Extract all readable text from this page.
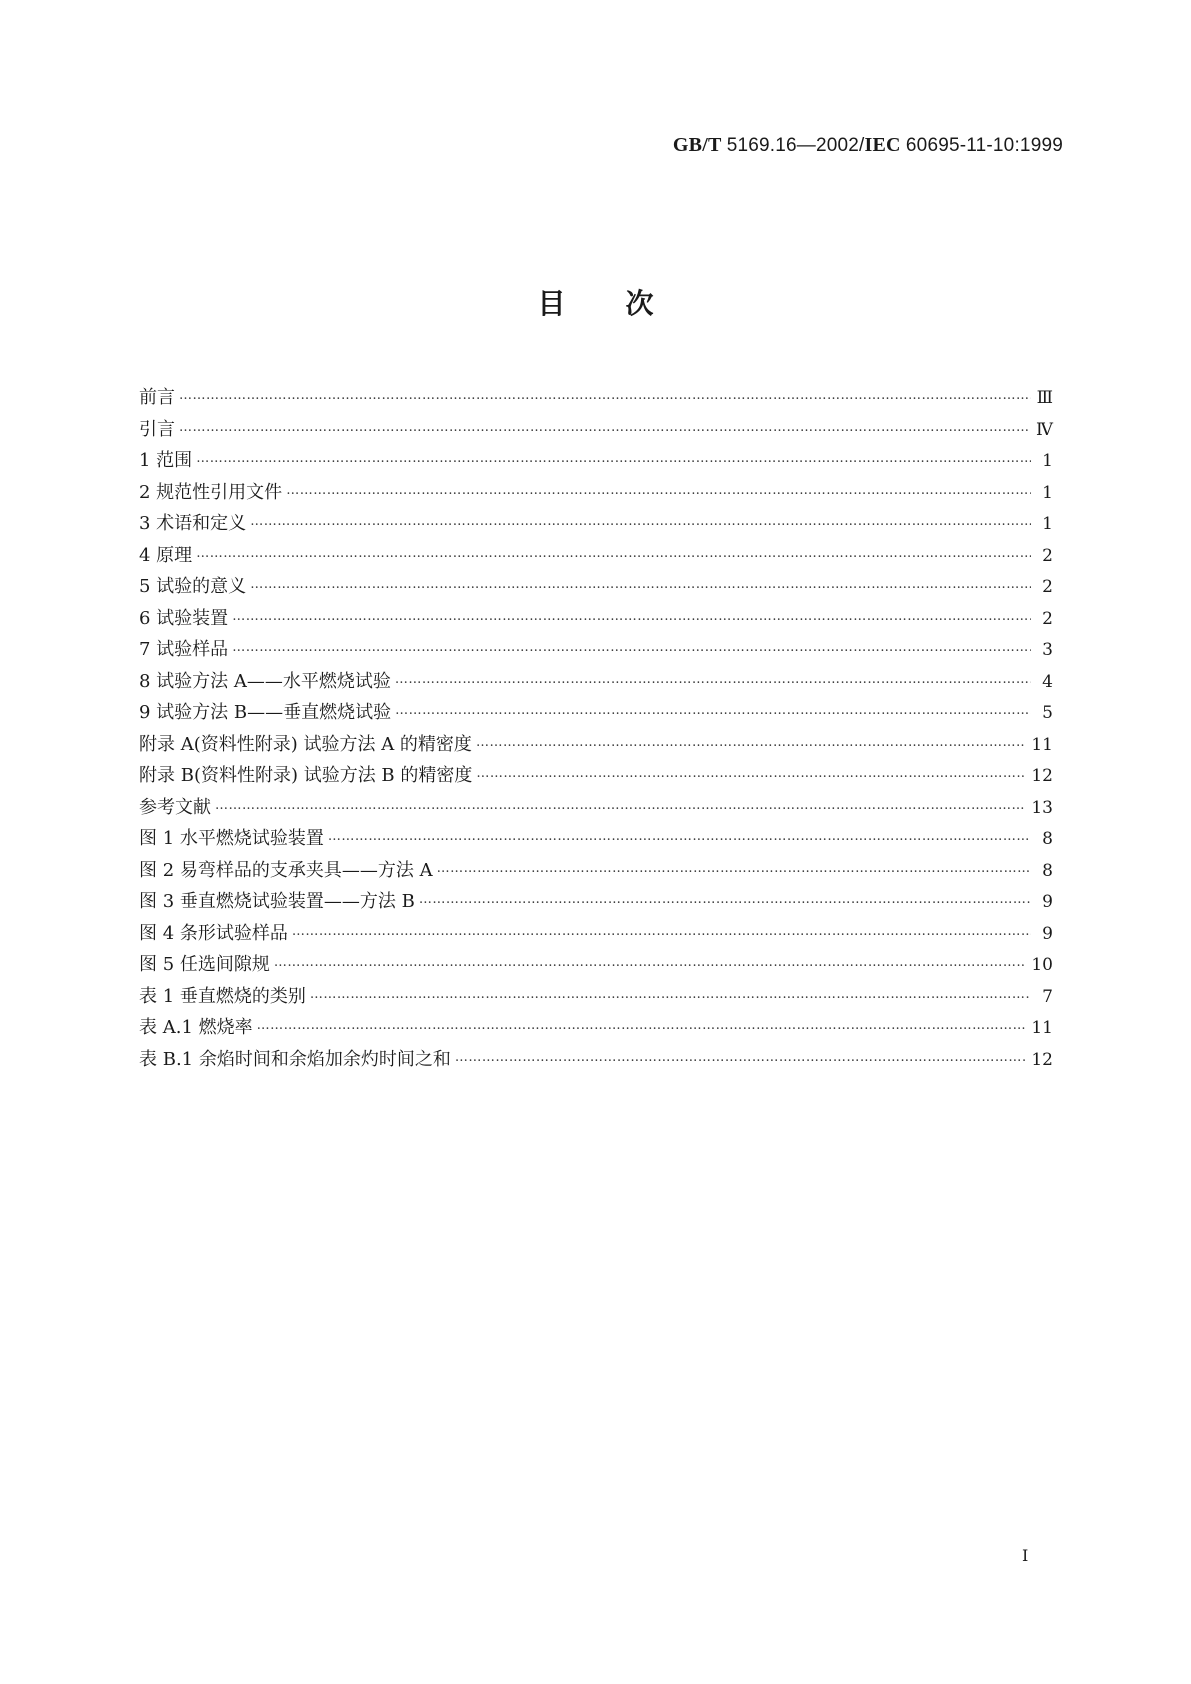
GB/T 5169.16—2002/IEC 60695-11-10:1999
目次
前言 ……………………………………………………………………………………………………………………………………………………………………………………………………………………………………………………………………………………	Ⅲ
引言 ……………………………………………………………………………………………………………………………………………………………………………………………………………………………………………………………………………………	Ⅳ
1 范围 ……………………………………………………………………………………………………………………………………………………………………………………………………………………………………………………………………………………	1
2 规范性引用文件 ……………………………………………………………………………………………………………………………………………………………………………………………………………………………………………………………………………………	1
3 术语和定义 ……………………………………………………………………………………………………………………………………………………………………………………………………………………………………………………………………………………	1
4 原理 ……………………………………………………………………………………………………………………………………………………………………………………………………………………………………………………………………………………	2
5 试验的意义 ……………………………………………………………………………………………………………………………………………………………………………………………………………………………………………………………………………………	2
6 试验装置 ……………………………………………………………………………………………………………………………………………………………………………………………………………………………………………………………………………………	2
7 试验样品 ……………………………………………………………………………………………………………………………………………………………………………………………………………………………………………………………………………………	3
8 试验方法 A——水平燃烧试验 ……………………………………………………………………………………………………………………………………………………………………………………………………………………………………………………………………………………	4
9 试验方法 B——垂直燃烧试验 ……………………………………………………………………………………………………………………………………………………………………………………………………………………………………………………………………………………	5
附录 A(资料性附录) 试验方法 A 的精密度 ……………………………………………………………………………………………………………………………………………………………………………………………………………………………………………………………………………………	11
附录 B(资料性附录) 试验方法 B 的精密度 ……………………………………………………………………………………………………………………………………………………………………………………………………………………………………………………………………………………	12
参考文献 ……………………………………………………………………………………………………………………………………………………………………………………………………………………………………………………………………………………	13
图 1 水平燃烧试验装置 ……………………………………………………………………………………………………………………………………………………………………………………………………………………………………………………………………………………	8
图 2 易弯样品的支承夹具——方法 A ……………………………………………………………………………………………………………………………………………………………………………………………………………………………………………………………………………………	8
图 3 垂直燃烧试验装置——方法 B ……………………………………………………………………………………………………………………………………………………………………………………………………………………………………………………………………………………	9
图 4 条形试验样品 ……………………………………………………………………………………………………………………………………………………………………………………………………………………………………………………………………………………	9
图 5 任选间隙规 ……………………………………………………………………………………………………………………………………………………………………………………………………………………………………………………………………………………	10
表 1 垂直燃烧的类别 ……………………………………………………………………………………………………………………………………………………………………………………………………………………………………………………………………………………	7
表 A.1 燃烧率 ……………………………………………………………………………………………………………………………………………………………………………………………………………………………………………………………………………………	11
表 B.1 余焰时间和余焰加余灼时间之和 ……………………………………………………………………………………………………………………………………………………………………………………………………………………………………………………………………………………	12
I
